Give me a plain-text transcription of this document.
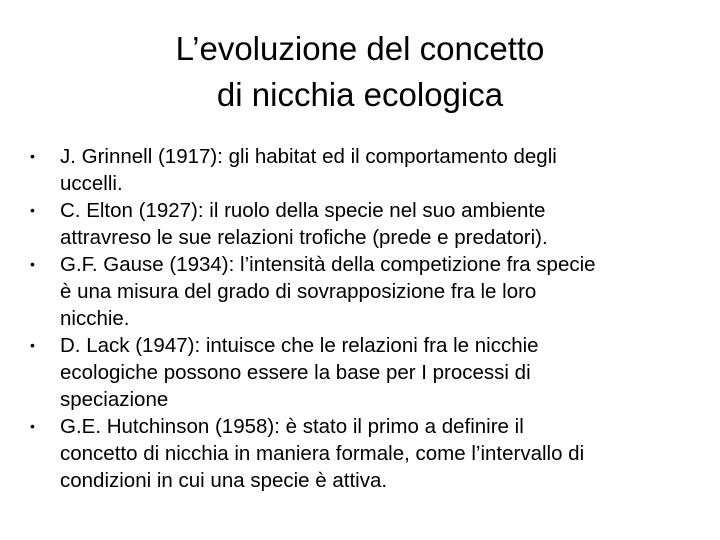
L’evoluzione del concetto
di nicchia ecologica
•	J. Grinnell (1917): gli habitat ed il comportamento degli
uccelli.
•	C. Elton (1927): il ruolo della specie nel suo ambiente
attravreso le sue relazioni trofiche (prede e predatori).
•	G.F. Gause (1934): l’intensità della competizione fra specie
è una misura del grado di sovrapposizione fra le loro
nicchie.
•	D. Lack (1947): intuisce che le relazioni fra le nicchie
ecologiche possono essere la base per I processi di
speciazione
•	G.E. Hutchinson (1958): è stato il primo a definire il
concetto di nicchia in maniera formale, come l’intervallo di
condizioni in cui una specie è attiva.
